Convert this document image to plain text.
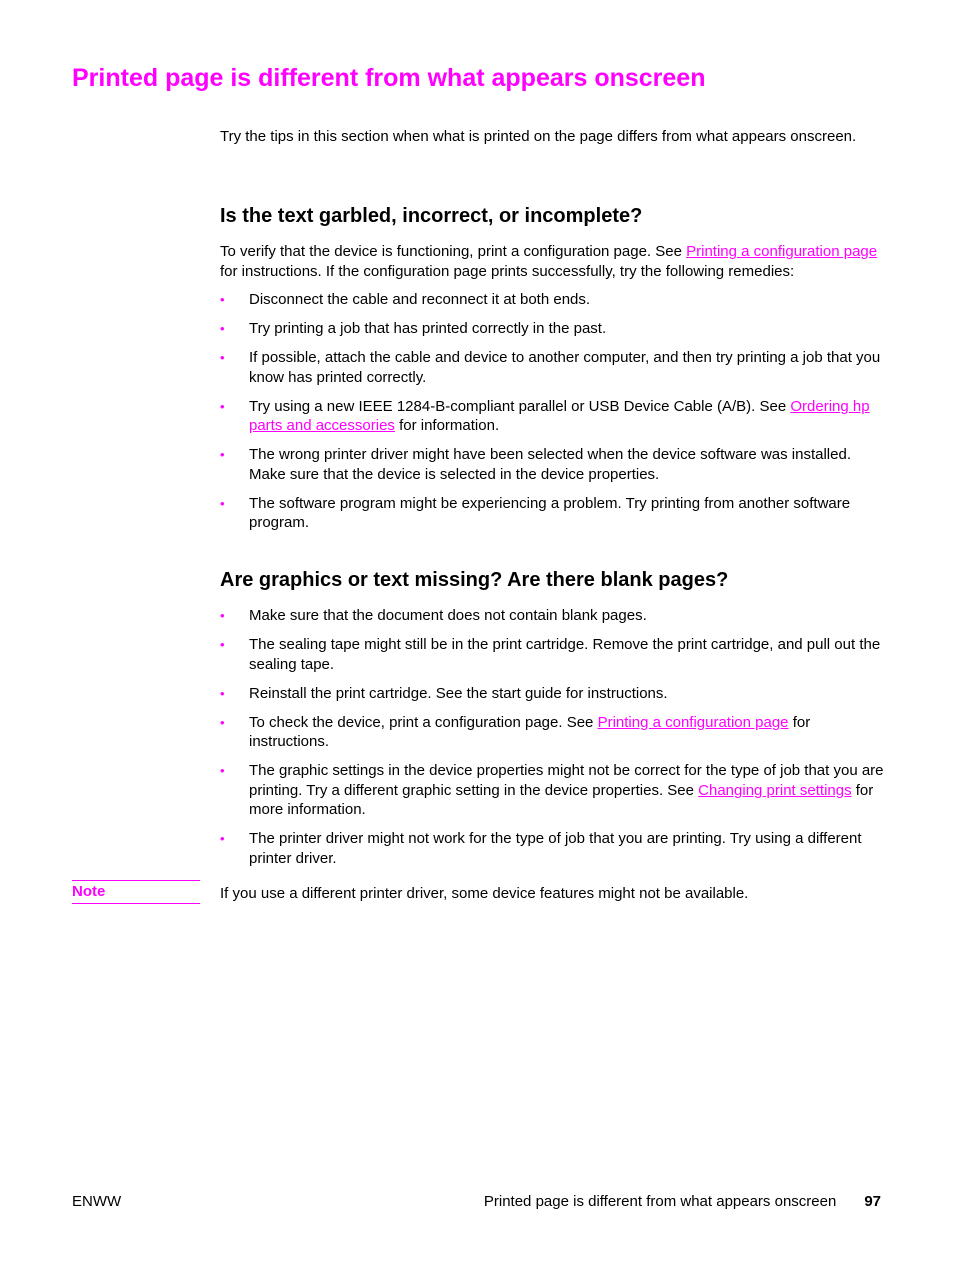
Printed page is different from what appears onscreen

Try the tips in this section when what is printed on the page differs from what appears onscreen.

Is the text garbled, incorrect, or incomplete?

To verify that the device is functioning, print a configuration page. See Printing a configuration page for instructions. If the configuration page prints successfully, try the following remedies:

• Disconnect the cable and reconnect it at both ends.
• Try printing a job that has printed correctly in the past.
• If possible, attach the cable and device to another computer, and then try printing a job that you know has printed correctly.
• Try using a new IEEE 1284-B-compliant parallel or USB Device Cable (A/B). See Ordering hp parts and accessories for information.
• The wrong printer driver might have been selected when the device software was installed. Make sure that the device is selected in the device properties.
• The software program might be experiencing a problem. Try printing from another software program.
Are graphics or text missing? Are there blank pages?
• Make sure that the document does not contain blank pages.
• The sealing tape might still be in the print cartridge. Remove the print cartridge, and pull out the sealing tape.
• Reinstall the print cartridge. See the start guide for instructions.
• To check the device, print a configuration page. See Printing a configuration page for instructions.
• The graphic settings in the device properties might not be correct for the type of job that you are printing. Try a different graphic setting in the device properties. See Changing print settings for more information.
• The printer driver might not work for the type of job that you are printing. Try using a different printer driver.
Note	If you use a different printer driver, some device features might not be available.

ENWW	Printed page is different from what appears onscreen 97
